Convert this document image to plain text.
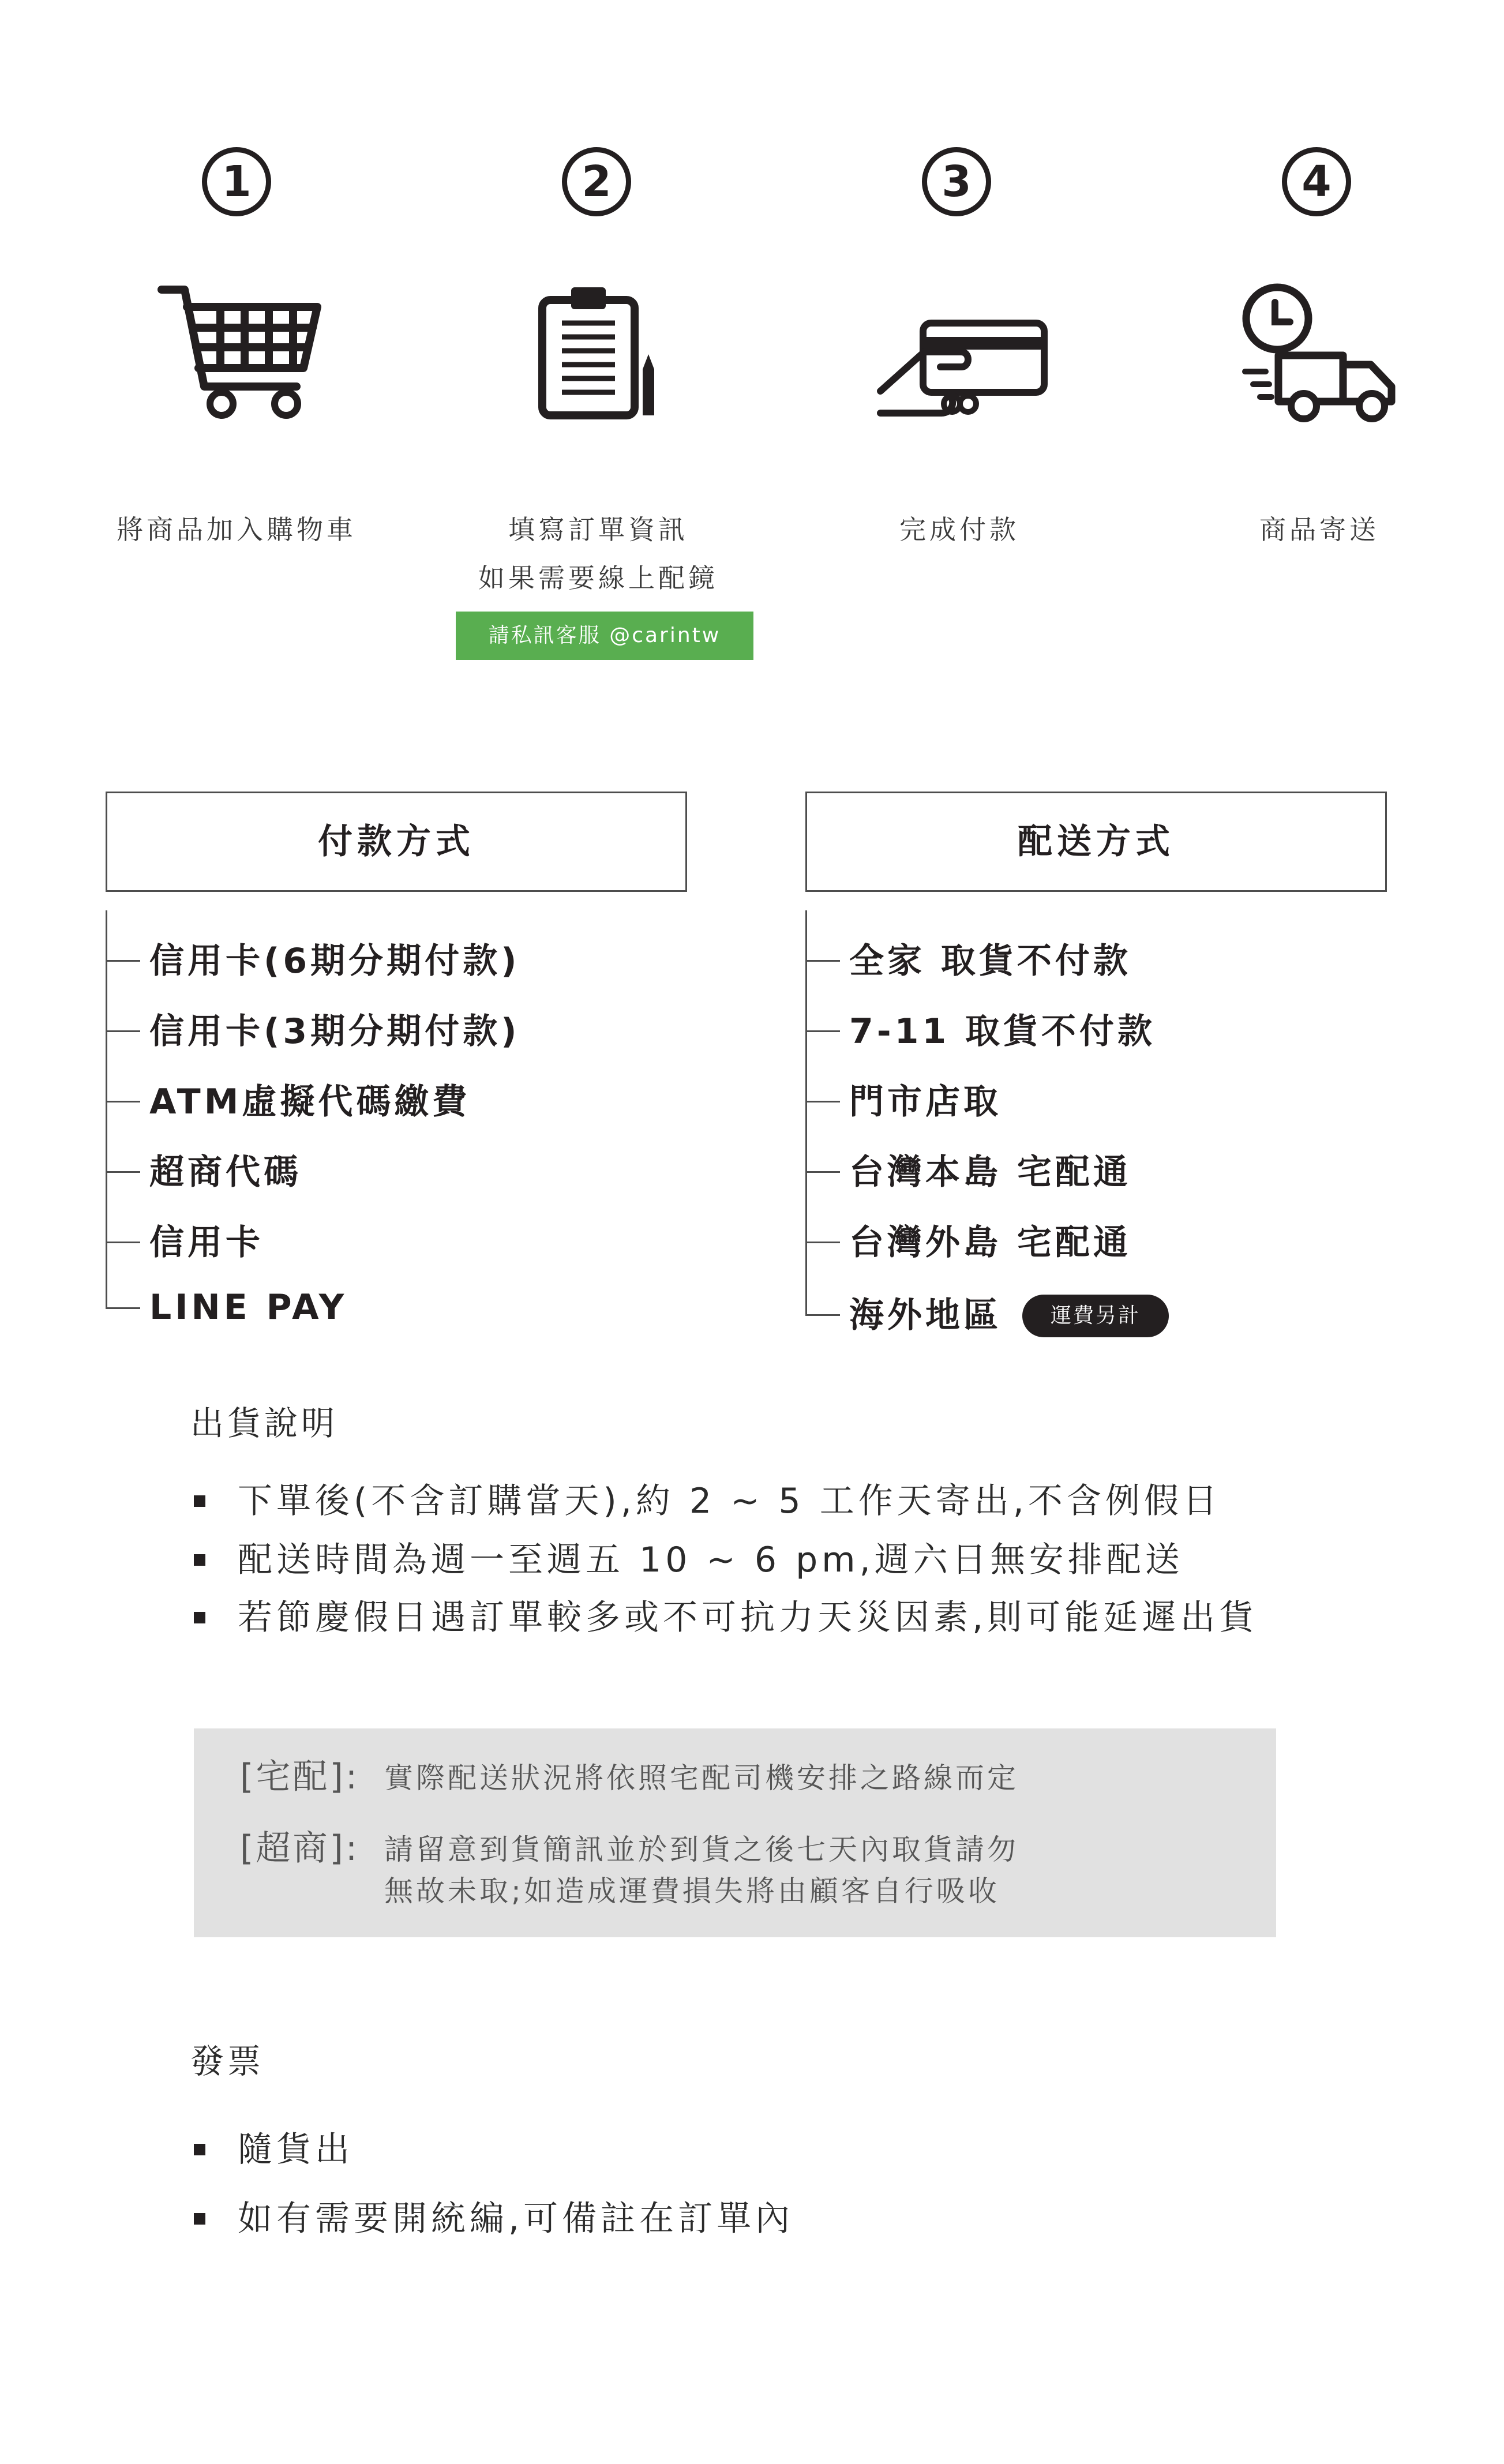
1
將商品加入購物車
2
填寫訂單資訊
如果需要線上配鏡
請私訊客服 @carintw
3
完成付款
4
商品寄送
付款方式
信用卡(6期分期付款)
信用卡(3期分期付款)
ATM虛擬代碼繳費
超商代碼
信用卡
LINE PAY
配送方式
全家 取貨不付款
7-11 取貨不付款
門市店取
台灣本島 宅配通
台灣外島 宅配通
海外地區	運費另計
出貨說明
下單後(不含訂購當天),約 2 ~ 5 工作天寄出,不含例假日
配送時間為週一至週五 10 ~ 6 pm,週六日無安排配送
若節慶假日遇訂單較多或不可抗力天災因素,則可能延遲出貨
[宅配]: 實際配送狀況將依照宅配司機安排之路線而定
[超商]: 請留意到貨簡訊並於到貨之後七天內取貨請勿
無故未取;如造成運費損失將由顧客自行吸收
發票
隨貨出
如有需要開統編,可備註在訂單內
